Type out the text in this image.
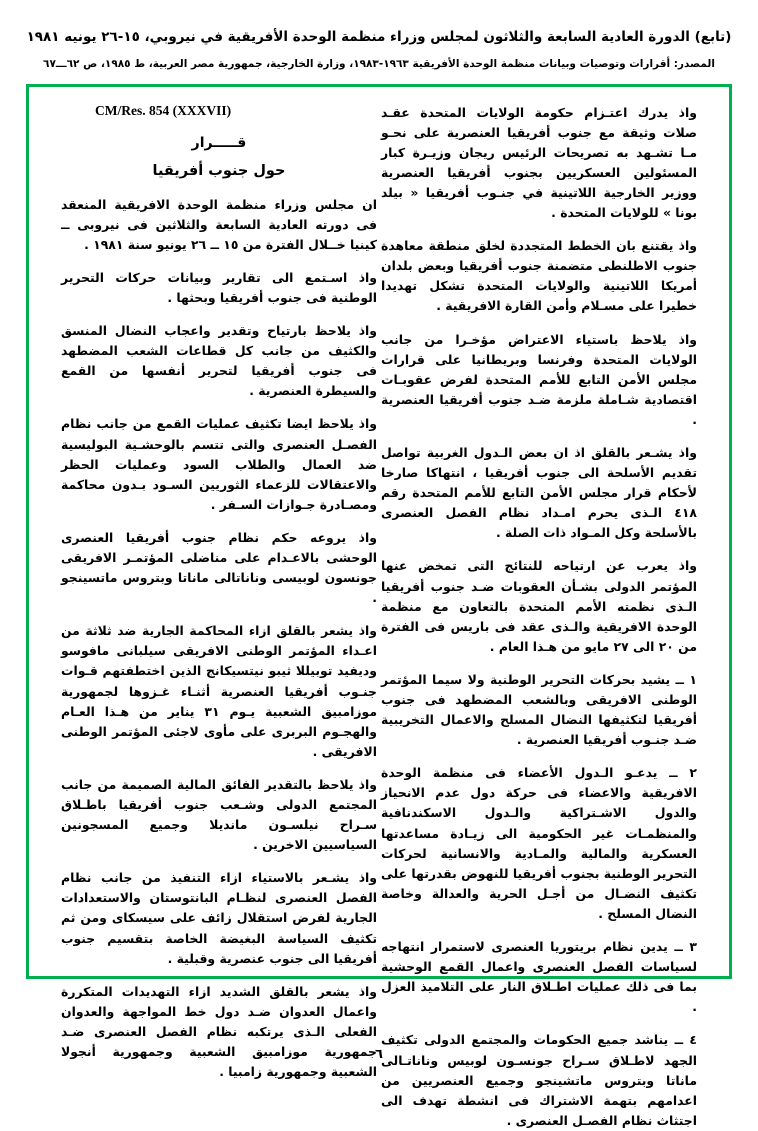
(تابع) الدورة العادية السابعة والثلاثون لمجلس وزراء منظمة الوحدة الأفريقية في نيروبي، ١٥-٢٦ يونيه ١٩٨١
المصدر: أقرارات وتوصيات وبيانات منظمة الوحدة الأفريقية ١٩٦٣-١٩٨٣، وزارة الخارجية، جمهورية مصر العربية، ط ١٩٨٥، ص ٦٢ـــ٦٧
CM/Res. 854 (XXXVII)
قـــــرار
حول جنوب أفريقيا

ان مجلس وزراء منظمة الوحدة الافريقية المنعقد فى دورته العادية السابعة والثلاثين فى نيروبى ــ كينيا خــلال الفترة من ١٥ ــ ٢٦ يونيو سنة ١٩٨١ .

واذ اسـتمع الى تقارير وبيانات حركات التحرير الوطنية فى جنوب أفريقيا وبحثها .

واذ يلاحظ بارتياح وتقدير واعجاب النضال المنسق والكثيف من جانب كل قطاعات الشعب المضطهد فى جنوب أفريقيا لتحرير أنفسها من القمع والسيطرة العنصرية .

واذ يلاحظ ايضا تكثيف عمليات القمع من جانب نظام الفصـل العنصرى والتى تتسم بالوحشـية البوليسية ضد العمال والطلاب السود وعمليات الحظر والاعتقالات للزعماء الثوريين السـود بـدون محاكمة ومصـادرة جـوازات السـفر .

واذ يروعه حكم نظام جنوب أفريقيا العنصرى الوحشى بالاعـدام على مناضلى المؤتمـر الافريقى جونسون لوبيسى وناناتالى ماناتا وبتروس ماتسينجو .

واذ يشعر بالقلق ازاء المحاكمة الجارية ضد ثلاثة من اعـداء المؤتمر الوطنى الافريقى سيلبانى مافوسو وديفيد توبيللا ثيبو نيتسيكانج الذين اختطفتهم قـوات جنـوب أفريقيا العنصرية أثنـاء غـزوها لجمهورية موزامبيق الشعبية يـوم ٣١ يناير من هـذا العـام والهجـوم البربرى على مأوى لاجئى المؤتمر الوطنى الافريقى .

واذ يلاحظ بالتقدير الفائق المالية الصميمة من جانب المجتمع الدولى وشـعب جنوب أفريقيا باطـلاق سـراح نيلسـون مانديلا وجميع المسجونين السياسيين الاخرين .

واذ يشـعر بالاستياء ازاء التنفيذ من جانب نظام الفصل العنصرى لنظـام البانتوستان والاستعدادات الجارية لفرض استقلال زائف على سيسكاى ومن ثم تكثيف السياسة البغيضة الخاصة بتقسيم جنوب أفريقيا الى جنوب عنصرية وقبلية .

واذ يشعر بالقلق الشديد ازاء التهديدات المتكررة واعمال العدوان ضـد دول خط المواجهة والعدوان الفعلى الـذى يرتكبه نظام الفصل العنصرى ضـد جمهورية موزامبيق الشعبية وجمهورية أنجولا الشعبية وجمهورية زامبيا .

واذ يدرك اعتـزام حكومة الولايات المتحدة عقـد صلات وثيقة مع جنوب أفريقيا العنصرية على نحـو مـا تشـهد به تصريحات الرئيس ريجان وزيـرة كبار المسئولين العسكريين بجنوب أفريقيا العنصرية ووزير الخارجية اللاتينية في جنـوب أفريقيا « بيلد بونا » للولايات المتحدة .

واذ يقتنع بان الخطط المتجددة لخلق منطقة معاهدة جنوب الاطلنطى متضمنة جنوب أفريقيا وبعض بلدان أمريكا اللاتينية والولايات المتحدة تشكل تهديدا خطيرا على مسـلام وأمن القارة الافريقية .

واذ يلاحظ باستياء الاعتراض مؤخـرا من جانب الولايات المتحدة وفرنسا وبريطانيا على قرارات مجلس الأمن التابع للأمم المتحدة لفرض عقوبـات اقتصادية شـاملة ملزمة ضـد جنوب أفريقيا العنصرية .

واذ يشـعر بالقلق اذ ان بعض الـدول الغربية تواصل تقديم الأسلحة الى جنوب أفريقيا ، انتهاكا صارخا لأحكام قرار مجلس الأمن التابع للأمم المتحدة رقم ٤١٨ الـذى يحرم امـداد نظام الفصل العنصرى بالأسلحة وكل المـواد ذات الصلة .

واذ يعرب عن ارتياحه للنتائج التى تمخض عنها المؤتمر الدولى بشـأن العقوبات ضـد جنوب أفريقيا الـذى نظمته الأمم المتحدة بالتعاون مع منظمة الوحدة الافريقية والـذى عقد فى باريس فى الفترة من ٢٠ الى ٢٧ مايو من هـذا العام .

١ ــ يشيد بحركات التحرير الوطنية ولا سيما المؤتمر الوطنى الافريقى وبالشعب المضطهد فى جنوب أفريقيا لتكثيفها النضال المسلح والاعمال التخريبية ضـد جنـوب أفريقيا العنصرية .

٢ ــ يدعـو الـدول الأعضاء فى منظمة الوحدة الافريقية والاعضاء فى حركة دول عدم الانحياز والدول الاشـتراكية والـدول الاسكندنافية والمنظمـات غير الحكومية الى زيـادة مساعدتها العسكرية والمالية والمـادية والانسانية لحركات التحرير الوطنية بجنوب أفريقيا للنهوض بقدرتها على تكثيف النضـال من أجـل الحرية والعدالة وخاصة النضال المسلح .

٣ ــ يدين نظام بريتوريا العنصرى لاستمرار انتهاجه لسياسات الفصل العنصرى واعمال القمع الوحشية بما فى ذلك عمليات اطـلاق النار على التلاميذ العزل .

٤ ــ يناشد جميع الحكومات والمجتمع الدولى تكثيف الجهد لاطـلاق سـراح جونسـون لوبيس وناناتـالى ماناتا وبتروس ماتشينجو وجميع العنصريين من اعدامهم بتهمة الاشتراك فى انشطة تهدف الى اجتثاث نظام الفصـل العنصرى .

٦
